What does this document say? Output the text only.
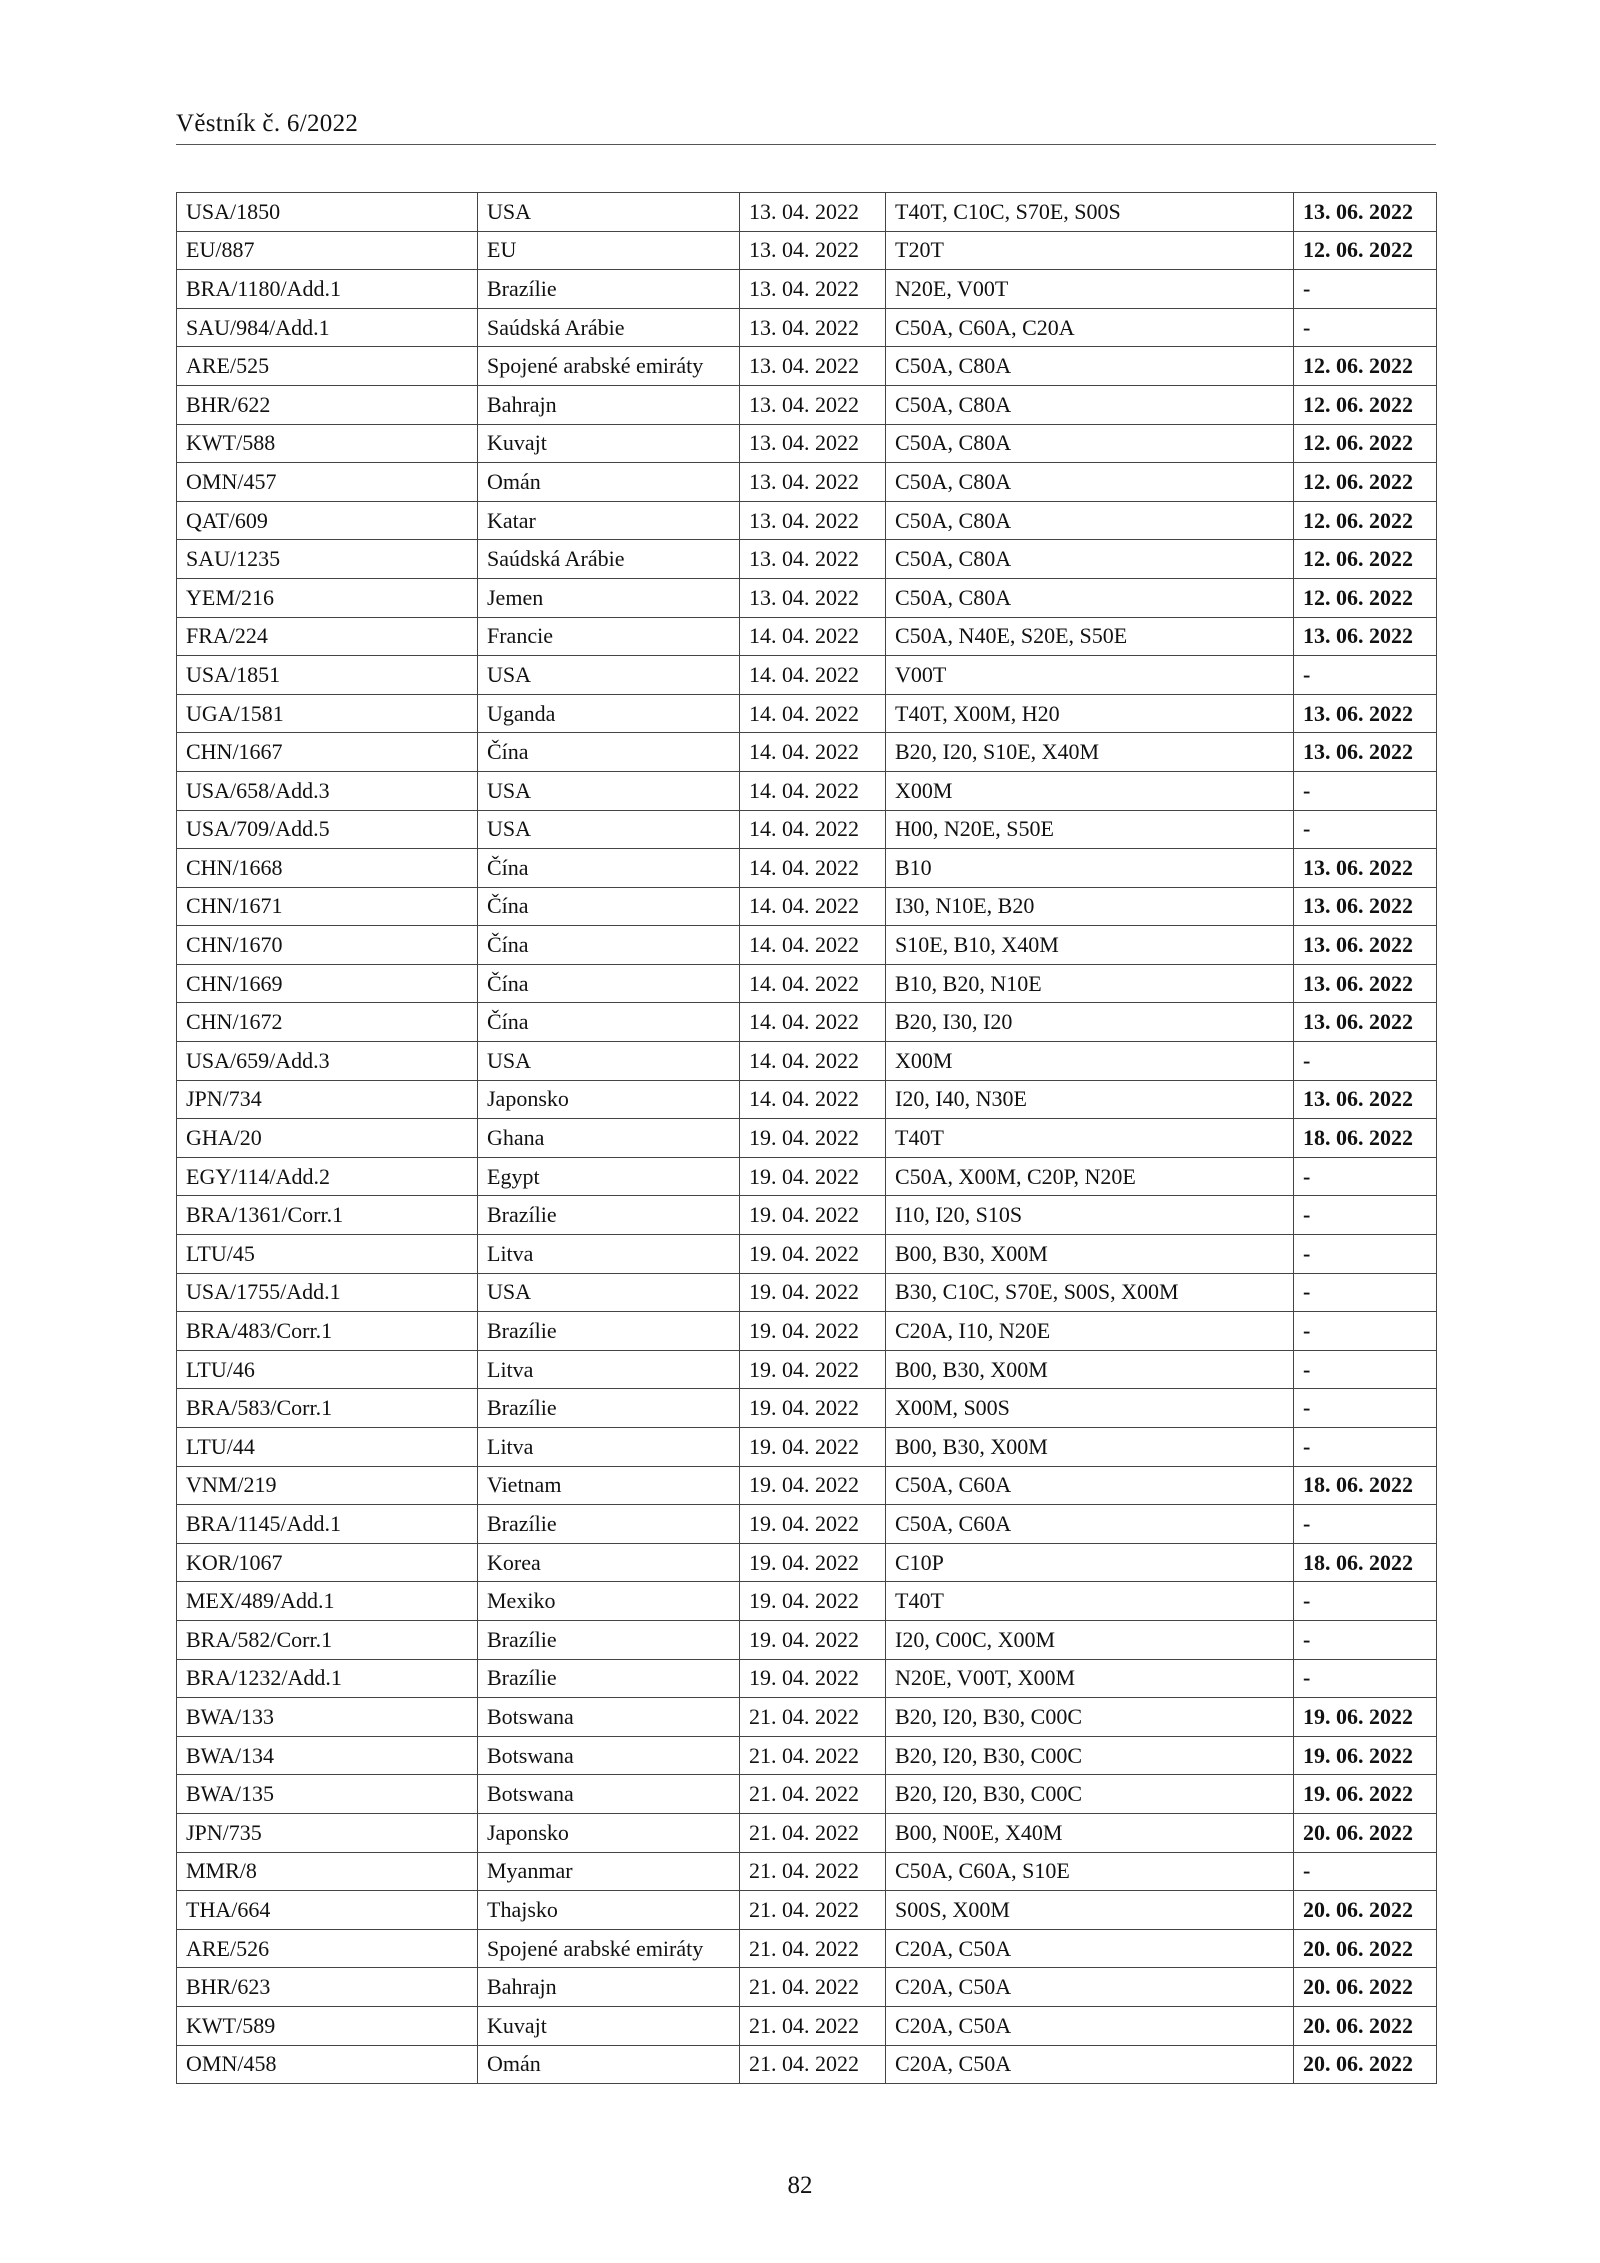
Věstník č. 6/2022
USA/1850	USA	13. 04. 2022	T40T, C10C, S70E, S00S	13. 06. 2022
EU/887	EU	13. 04. 2022	T20T	12. 06. 2022
BRA/1180/Add.1	Brazílie	13. 04. 2022	N20E, V00T	-
SAU/984/Add.1	Saúdská Arábie	13. 04. 2022	C50A, C60A, C20A	-
ARE/525	Spojené arabské emiráty	13. 04. 2022	C50A, C80A	12. 06. 2022
BHR/622	Bahrajn	13. 04. 2022	C50A, C80A	12. 06. 2022
KWT/588	Kuvajt	13. 04. 2022	C50A, C80A	12. 06. 2022
OMN/457	Omán	13. 04. 2022	C50A, C80A	12. 06. 2022
QAT/609	Katar	13. 04. 2022	C50A, C80A	12. 06. 2022
SAU/1235	Saúdská Arábie	13. 04. 2022	C50A, C80A	12. 06. 2022
YEM/216	Jemen	13. 04. 2022	C50A, C80A	12. 06. 2022
FRA/224	Francie	14. 04. 2022	C50A, N40E, S20E, S50E	13. 06. 2022
USA/1851	USA	14. 04. 2022	V00T	-
UGA/1581	Uganda	14. 04. 2022	T40T, X00M, H20	13. 06. 2022
CHN/1667	Čína	14. 04. 2022	B20, I20, S10E, X40M	13. 06. 2022
USA/658/Add.3	USA	14. 04. 2022	X00M	-
USA/709/Add.5	USA	14. 04. 2022	H00, N20E, S50E	-
CHN/1668	Čína	14. 04. 2022	B10	13. 06. 2022
CHN/1671	Čína	14. 04. 2022	I30, N10E, B20	13. 06. 2022
CHN/1670	Čína	14. 04. 2022	S10E, B10, X40M	13. 06. 2022
CHN/1669	Čína	14. 04. 2022	B10, B20, N10E	13. 06. 2022
CHN/1672	Čína	14. 04. 2022	B20, I30, I20	13. 06. 2022
USA/659/Add.3	USA	14. 04. 2022	X00M	-
JPN/734	Japonsko	14. 04. 2022	I20, I40, N30E	13. 06. 2022
GHA/20	Ghana	19. 04. 2022	T40T	18. 06. 2022
EGY/114/Add.2	Egypt	19. 04. 2022	C50A, X00M, C20P, N20E	-
BRA/1361/Corr.1	Brazílie	19. 04. 2022	I10, I20, S10S	-
LTU/45	Litva	19. 04. 2022	B00, B30, X00M	-
USA/1755/Add.1	USA	19. 04. 2022	B30, C10C, S70E, S00S, X00M	-
BRA/483/Corr.1	Brazílie	19. 04. 2022	C20A, I10, N20E	-
LTU/46	Litva	19. 04. 2022	B00, B30, X00M	-
BRA/583/Corr.1	Brazílie	19. 04. 2022	X00M, S00S	-
LTU/44	Litva	19. 04. 2022	B00, B30, X00M	-
VNM/219	Vietnam	19. 04. 2022	C50A, C60A	18. 06. 2022
BRA/1145/Add.1	Brazílie	19. 04. 2022	C50A, C60A	-
KOR/1067	Korea	19. 04. 2022	C10P	18. 06. 2022
MEX/489/Add.1	Mexiko	19. 04. 2022	T40T	-
BRA/582/Corr.1	Brazílie	19. 04. 2022	I20, C00C, X00M	-
BRA/1232/Add.1	Brazílie	19. 04. 2022	N20E, V00T, X00M	-
BWA/133	Botswana	21. 04. 2022	B20, I20, B30, C00C	19. 06. 2022
BWA/134	Botswana	21. 04. 2022	B20, I20, B30, C00C	19. 06. 2022
BWA/135	Botswana	21. 04. 2022	B20, I20, B30, C00C	19. 06. 2022
JPN/735	Japonsko	21. 04. 2022	B00, N00E, X40M	20. 06. 2022
MMR/8	Myanmar	21. 04. 2022	C50A, C60A, S10E	-
THA/664	Thajsko	21. 04. 2022	S00S, X00M	20. 06. 2022
ARE/526	Spojené arabské emiráty	21. 04. 2022	C20A, C50A	20. 06. 2022
BHR/623	Bahrajn	21. 04. 2022	C20A, C50A	20. 06. 2022
KWT/589	Kuvajt	21. 04. 2022	C20A, C50A	20. 06. 2022
OMN/458	Omán	21. 04. 2022	C20A, C50A	20. 06. 2022
82
